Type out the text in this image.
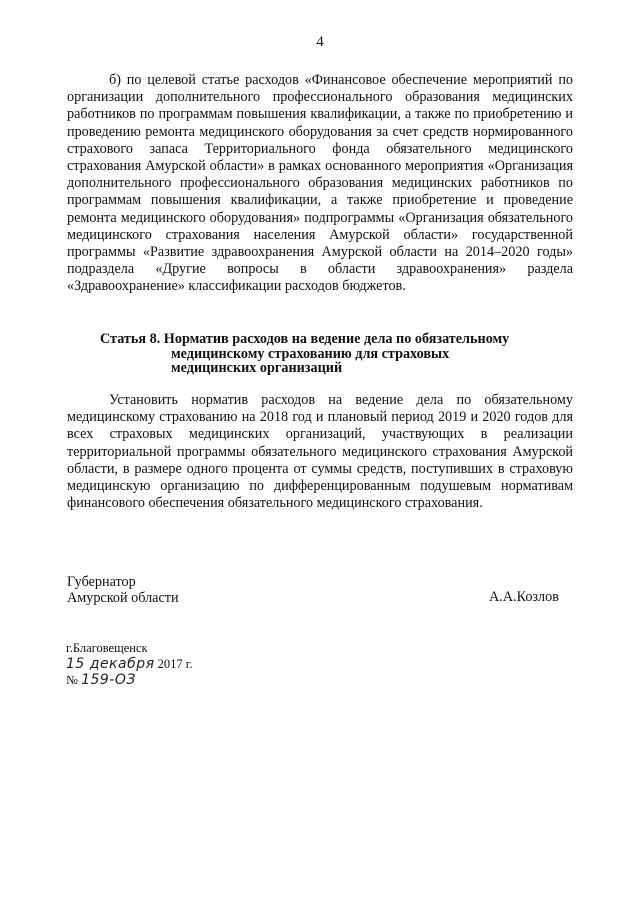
4

б) по целевой статье расходов «Финансовое обеспечение мероприятий по организации дополнительного профессионального образования медицинских работников по программам повышения квалификации, а также по приобретению и проведению ремонта медицинского оборудования за счет средств нормированного страхового запаса Территориального фонда обязательного медицинского страхования Амурской области» в рамках основанного мероприятия «Организация дополнительного профессионального образования медицинских работников по программам повышения квалификации, а также приобретение и проведение ремонта медицинского оборудования» подпрограммы «Организация обязательного медицинского страхования населения Амурской области» государственной программы «Развитие здравоохранения Амурской области на 2014–2020 годы» подраздела «Другие вопросы в области здравоохранения» раздела «Здравоохранение» классификации расходов бюджетов.

Статья 8. Норматив расходов на ведение дела по обязательному
медицинскому страхованию для страховых
медицинских организаций

Установить норматив расходов на ведение дела по обязательному медицинскому страхованию на 2018 год и плановый период 2019 и 2020 годов для всех страховых медицинских организаций, участвующих в реализации территориальной программы обязательного медицинского страхования Амурской области, в размере одного процента от суммы средств, поступивших в страховую медицинскую организацию по дифференцированным подушевым нормативам финансового обеспечения обязательного медицинского страхования.

Губернатор
Амурской области	А.А.Козлов
г.Благовещенск
15 декабря 2017 г.
№ 159-ОЗ
